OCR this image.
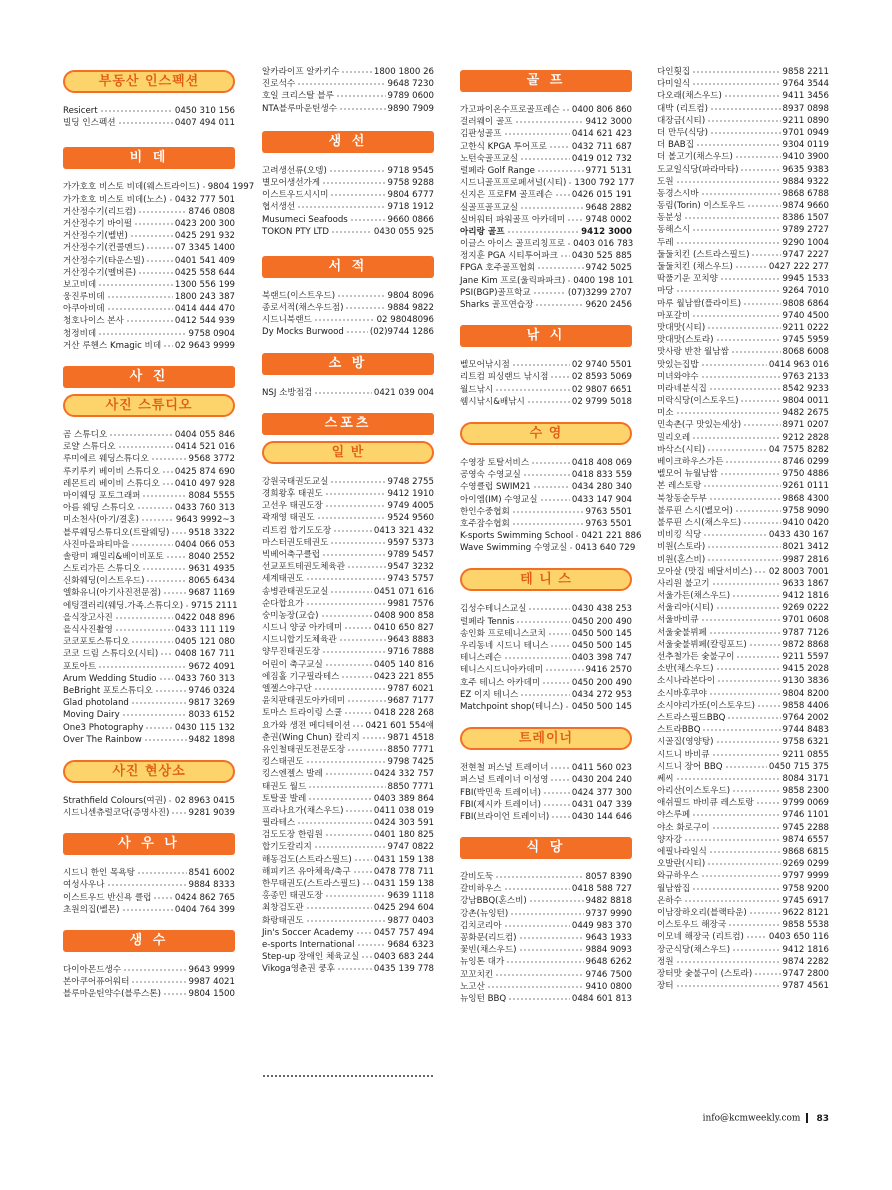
부동산 인스펙션
Resicert	0450 310 156
빌딩 인스펙션	0407 494 011
비 데
가가호호 비스토 비데(웨스트라이드) 9804 1997
가가호호 비스토 비데(노스) 0432 777 501
거산정수기(리드컴)	8746 0808
거산정수기 바이펄	0423 200 300
거산정수기(벨번)	0425 291 932
거산정수기(컨콜멘드)	07 3345 1400
거산정수기(타운스빌)	0401 541 409
거산정수기(멜버른)	0425 558 644
보고비데	1300 556 199
웅진루비데	1800 243 387
아쿠아비데	0414 444 470
청호나이스 본사	0412 544 939
청정비데	9758 0904
거산 루헨스 Kmagic 비데 02 9643 9999
사 진
사진 스튜디오
곰 스튜디오	0404 055 846
로얄 스튜디오	0414 521 016
루미에르 웨딩스튜디오	9568 3772
루키루키 베이비 스튜디오 0425 874 690
레몬트리 베이비 스튜디오 0410 497 928
마이웨딩 포토그래퍼	8084 5555
아름 웨딩 스튜디오	0433 760 313
미소천사(아기/결혼)	9643 9992~3
블루웨딩스튜디오(트랄웨딩) 9518 3322
사진마을파티마을	0404 066 053
솔랑미 패밀리&베이비포토	8040 2552
스토리가든 스튜디오	9631 4935
신화웨딩(이스트우드)	8065 6434
엘화유니(아기사진전문점)	9687 1169
에팅갤러리(웨딩.가족.스튜디오) 9715 2111
을식장고사진	0422 048 896
을식사진촬영	0433 111 119
코코포토스튜디오	0405 121 080
코코 드림 스튜디오(시티) 0408 167 711
포토아트	9672 4091
Arum Wedding Studio 0433 760 313
BeBright 포토스튜디오	9746 0324
Glad photoland	9817 3269
Moving Dairy	8033 6152
One3 Photography	0430 115 132
Over The Rainbow	9482 1898
사진 현상소
Strathfield Colours(여권) 02 8963 0415
시드니센츄럴코닥(증명사진) 9281 9039
사 우 나
시드니 한인 목욕탕	8541 6002
여성사우나	9884 8333
이스트우드 반신욕 클럽	0424 862 765
초원의집(벨몬)	0404 764 399
생 수
다이아몬드생수	9643 9999
본아쿠어퓨어워터	9987 4021
블루마운틴약수(블루스톤)	9804 1500
알카라이프 알카키수	1800 1800 26
진로석수	9648 7230
호일 크리스탈 블루	9789 0600
NTA블루마운틴생수	9890 7909
생 선
고려생선류(오뎅)	9718 9545
별모어생선가게	9758 9288
이스트우드시시미	9804 6777
협서생선	9718 1912
Musumeci Seafoods	9660 0866
TOKON PTY LTD	0430 055 925
서 적
북랜드(이스트우드)	9804 8096
종로서적(채스우드점)	9884 9822
시드니북랜드	02 98048096
Dy Mocks Burwood	(02)9744 1286
소 방
NSJ 소방점검	0421 039 004
스포츠
일 반
강원국태권도교실	9748 2755
경희왕후 태권도	9412 1910
고선우 태권도장	9749 4005
곽재영 태권도	9524 9560
리트컴 합기도도장	0413 321 432
마스터권도테권도	9597 5373
빅베어축구클럽	9789 5457
선교포트테권도체육관	9547 3232
세계태권도	9743 5757
송병관태권도교실	0451 071 616
순다합요가	9981 7576
숭미농장(교습)	0408 900 858
시드니 양궁 아카데미	0410 650 827
시드니합기도체육관	9643 8883
양무진태권도장	9716 7888
어린이 축구교실	0405 140 816
에짐홀 기구필라테스	0423 221 855
엘젤스야구단	9787 6021
윤치판태권도아카데미	9687 7177
토마스 트라이링 스쿨	0418 228 268
요가와 생전 메디테이션 0421 601 554얘
춘권(Wing Chun) 칼리지	9871 4518
유인철태권도전문도장	8850 7771
킹스태권도	9798 7425
킹스엔젤스 발레	0424 332 757
태권도 월드	8850 7771
토탈골 발레	0403 389 864
프라나요가(채스우드)	0411 038 019
필라테스	0424 303 591
검도도장 한림원	0401 180 825
합기도칼리지	9747 0822
해동검도(스트라스필드)	0431 159 138
해피키즈 유아체육/축구	0478 778 711
한무태권도(스트라스필드) 0431 159 138
홍종민 태권도장	9639 1118
최창검도관	0425 294 604
화랑태권도	9877 0403
Jin's Soccer Academy 0457 757 494
e-sports International	9684 6323
Step-up 장애인 체육교실 0403 683 244
Vikoga영춘권 쿵후	0435 139 778
골 프
가고파이온수프로골프레슨 0400 806 860
걸러웨이 골프	9412 3000
김판성골프	0414 621 423
고한식 KPGA 투어프로	0432 711 687
노턴숙골프교실	0419 012 732
럴페라 Golf Range	9771 5131
시드니골프프로페셔널(시티) 1300 792 177
신지은 프로FM 골프레슨 0426 015 191
실골프골프교실	9648 2882
실버워터 파워골프 아카데미 9748 0002
아리랑 골프	9412 3000
이글스 아이스 골프리칭프로 0403 016 783
정지훈 PGA 시티투어파크 0430 525 885
FPGA 호주골프협회	9742 5025
Jane Kim 프로(울릭파파크) 0400 198 101
PSI(BGP)골프학교	(07)3299 2707
Sharks 골프연습장	9620 2456
낚 시
벨모어낚시점	02 9740 5501
리트컴 피싱랜드 낚시점	02 8593 5069
월드낚시	02 9807 6651
웸시낚시&배낚시	02 9799 5018
수 영
수영장 토탈서비스	0418 408 069
공영숙 수영교실	0418 833 559
수영클럽 SWIM21	0434 280 340
아이엠(IM) 수영교실	0433 147 904
한인수중협회	9763 5501
호주잠수협회	9763 5501
K-sports Swimming School 0421 221 886
Wave Swimming 수영교실 0413 640 729
테 니 스
김성수테니스교실	0430 438 253
럴페라 Tennis	0450 200 490
송인화 프로테니스코치	0450 500 145
우리동네 시드니 테니스	0450 500 145
테니스레슨	0403 398 747
테니스시드니아카데미	9416 2570
호주 테니스 아카데미	0450 200 490
EZ 이지 테니스	0434 272 953
Matchpoint shop(테니스) 0450 500 145
트레이너
전현철 퍼스널 트레이너	0411 560 023
퍼스널 트레이너 이성영	0430 204 240
FBI(박민욱 트레이너)	0424 377 300
FBI(제시카 트레이너)	0431 047 339
FBI(브라이언 트레이너)	0430 144 646
식 당
갈비도둑	8057 8390
갈비하우스	0418 588 727
강남BBQ(혼스비)	9482 8818
강촌(뉴잉턴)	9737 9990
김치코리아	0449 983 370
꽁화문(리드컴)	9643 1933
꽃빈(채스우드)	9884 9093
뉴잉톤 대가	9648 6262
꼬꼬치킨	9746 7500
노고산	9410 0800
뉴잉턴 BBQ	0484 601 813
다인횟집	9858 2211
다미일식	9764 3544
다오래(채스우드)	9411 3456
대박 (리트컴)	8937 0898
대장금(시티)	9211 0890
더 만두(식당)	9701 0949
더 BAB집	9304 0119
더 볼고기(채스우드)	9410 3900
도교일식당(파라마타)	9635 9383
도원	9884 9322
동경스시바	9868 6788
동림(Torin) 이스토우드	9874 9660
동분성	8386 1507
동해스시	9789 2727
두레	9290 1004
둘둘치킨 (스트라스필드)	9747 2227
둘둘치킨 (채스우드)	0427 222 277
딱풀기운 꼬치양	9945 1533
마당	9264 7010
마루 월남쌈(플라이트)	9808 6864
마포갈비	9740 4500
맛대맛(시티)	9211 0222
맛대맛(스토라)	9745 5959
맛사랑 반찬 월남쌈	8068 6008
맛있는집밥	0414 963 016
미녀와야수	9763 2133
미라네분식집	8542 9233
미락식당(이스토우드)	9804 0011
미소	9482 2675
민속촌(구 맛있는세상)	8971 0207
밀리오레	9212 2828
바삭스(시티)	04 7575 8282
베이크하우스가든	8746 0299
벨모어 뉴월남쌈	9750 4886
본 레스토랑	9261 0111
북창동순두부	9868 4300
불루핀 스시(벨모어)	9758 9090
불루핀 스시(채스우드)	9410 0420
비비킹 식당	0433 430 167
비원(스토라)	8021 3412
비원(혼스비)	9987 2816
모아살 (맛집 배달서비스) 02 8003 7001
사리원 불고기	9633 1867
서울가든(채스우드)	9412 1816
서울리아(시티)	9269 0222
서울바비큐	9701 0608
서울숯불뷔페	9787 7126
서울숯불뷔페(칼링포드)	9872 8868
선추철가든 숯불구이	9211 5597
소반(채스우드)	9415 2028
소시나라본다이	9130 3836
소시바후쿠야	9804 8200
소시야리가또(이스토우드)	9858 4406
스트라스필드BBQ	9764 2002
스트라BBQ	9744 8483
시골집(영양탕)	9758 6321
시드니 바비큐	9211 0855
시드니 장어 BBQ	0450 715 375
쎄씨	8084 3171
아리산(이스토우드)	9858 2300
애쉬필드 바비큐 레스토랑	9799 0069
야스루페	9746 1101
야소 화로구이	9745 2288
양자강	9874 6557
에필나라일식	9868 6815
오발란(시티)	9269 0299
와규하우스	9797 9999
월남쌈집	9758 9200
온하수	9745 6917
이남장하오리(블랙타운)	9622 8121
이스토우드 해장국	9858 5538
이모네 해장국 (리트컴)	0403 650 116
장군식당(채스우드)	9412 1816
정원	9874 2282
장터맛 숯불구이 (스토라)	9747 2800
장터	9787 4561
info@kcmweekly.com 83
